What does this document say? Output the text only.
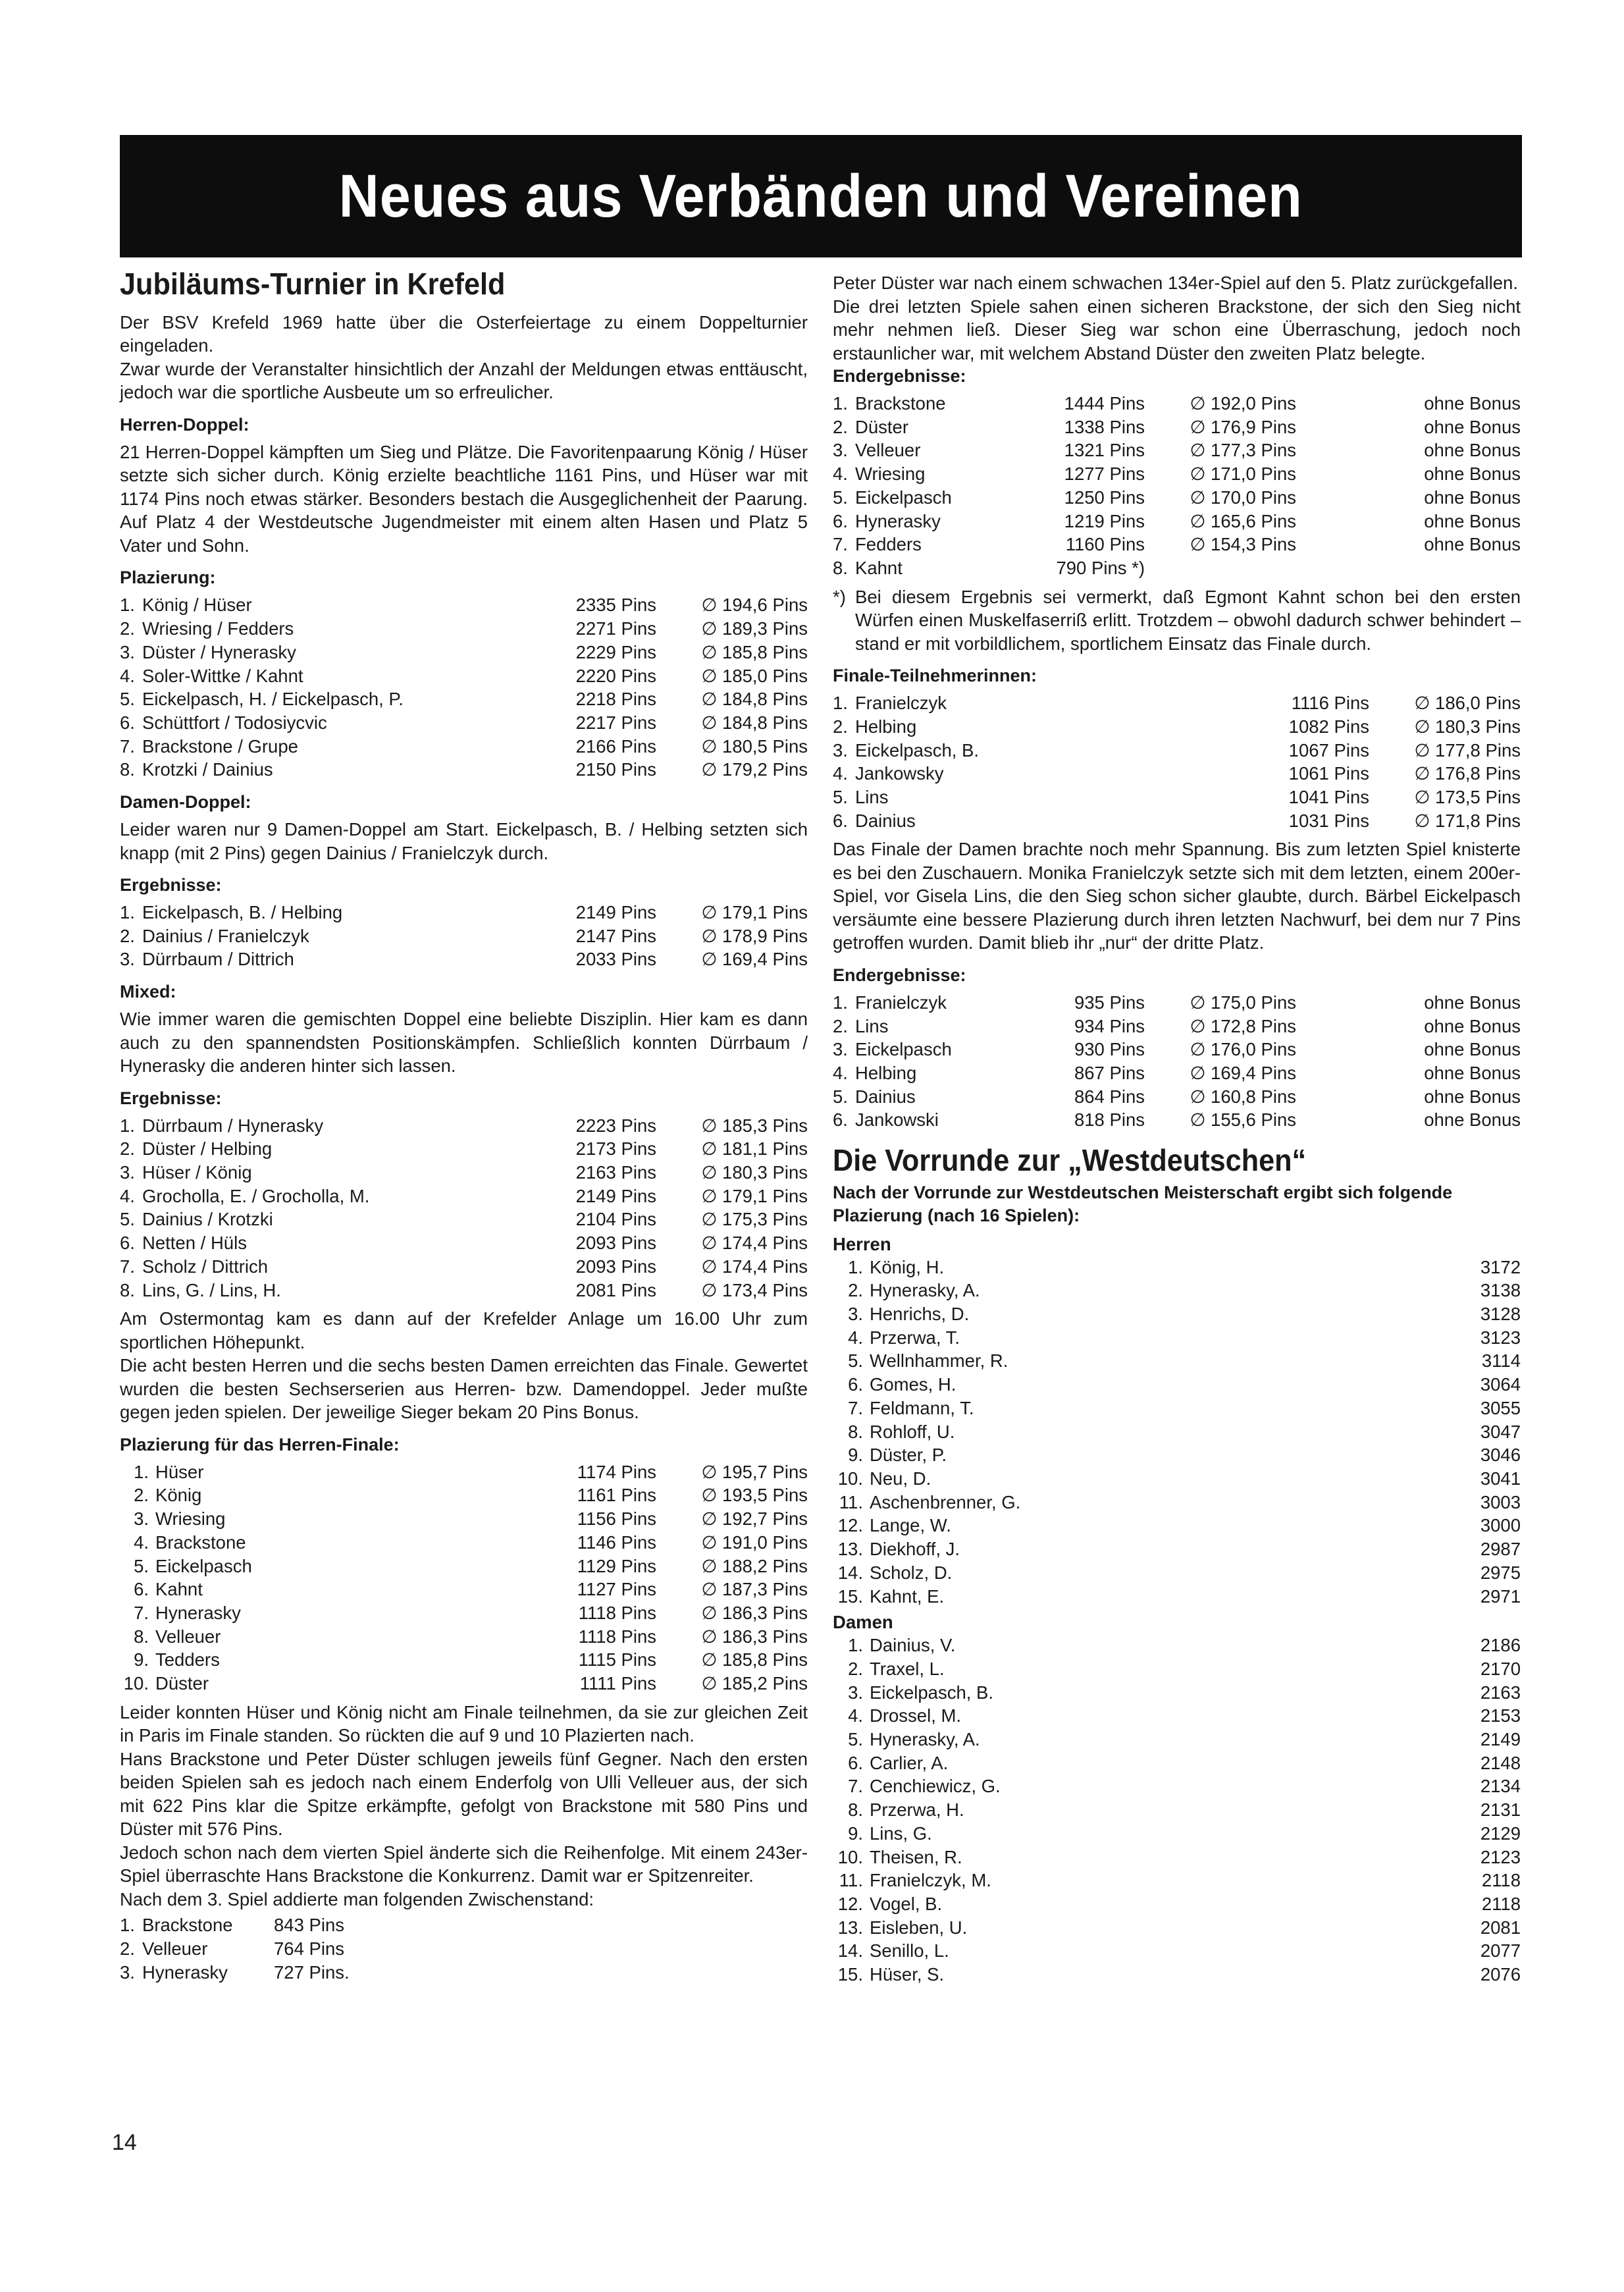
Neues aus Verbänden und Vereinen
Jubiläums-Turnier in Krefeld

Der BSV Krefeld 1969 hatte über die Osterfeiertage zu einem Doppelturnier eingeladen.

Zwar wurde der Veranstalter hinsichtlich der Anzahl der Meldungen etwas enttäuscht, jedoch war die sportliche Ausbeute um so erfreulicher.

Herren-Doppel:

21 Herren-Doppel kämpften um Sieg und Plätze. Die Favoritenpaarung König / Hüser setzte sich sicher durch. König erzielte beachtliche 1161 Pins, und Hüser war mit 1174 Pins noch etwas stärker. Besonders bestach die Ausgeglichenheit der Paarung. Auf Platz 4 der Westdeutsche Jugendmeister mit einem alten Hasen und Platz 5 Vater und Sohn.

Plazierung:
1.	König / Hüser	2335 Pins	∅ 194,6 Pins
2.	Wriesing / Fedders	2271 Pins	∅ 189,3 Pins
3.	Düster / Hynerasky	2229 Pins	∅ 185,8 Pins
4.	Soler-Wittke / Kahnt	2220 Pins	∅ 185,0 Pins
5.	Eickelpasch, H. / Eickelpasch, P.	2218 Pins	∅ 184,8 Pins
6.	Schüttfort / Todosiycvic	2217 Pins	∅ 184,8 Pins
7.	Brackstone / Grupe	2166 Pins	∅ 180,5 Pins
8.	Krotzki / Dainius	2150 Pins	∅ 179,2 Pins
Damen-Doppel:

Leider waren nur 9 Damen-Doppel am Start. Eickelpasch, B. / Helbing setzten sich knapp (mit 2 Pins) gegen Dainius / Franielczyk durch.

Ergebnisse:
1.	Eickelpasch, B. / Helbing	2149 Pins	∅ 179,1 Pins
2.	Dainius / Franielczyk	2147 Pins	∅ 178,9 Pins
3.	Dürrbaum / Dittrich	2033 Pins	∅ 169,4 Pins
Mixed:

Wie immer waren die gemischten Doppel eine beliebte Disziplin. Hier kam es dann auch zu den spannendsten Positionskämpfen. Schließlich konnten Dürrbaum / Hynerasky die anderen hinter sich lassen.

Ergebnisse:
1.	Dürrbaum / Hynerasky	2223 Pins	∅ 185,3 Pins
2.	Düster / Helbing	2173 Pins	∅ 181,1 Pins
3.	Hüser / König	2163 Pins	∅ 180,3 Pins
4.	Grocholla, E. / Grocholla, M.	2149 Pins	∅ 179,1 Pins
5.	Dainius / Krotzki	2104 Pins	∅ 175,3 Pins
6.	Netten / Hüls	2093 Pins	∅ 174,4 Pins
7.	Scholz / Dittrich	2093 Pins	∅ 174,4 Pins
8.	Lins, G. / Lins, H.	2081 Pins	∅ 173,4 Pins

Am Ostermontag kam es dann auf der Krefelder Anlage um 16.00 Uhr zum sportlichen Höhepunkt.

Die acht besten Herren und die sechs besten Damen erreichten das Finale. Gewertet wurden die besten Sechserserien aus Herren- bzw. Damendoppel. Jeder mußte gegen jeden spielen. Der jeweilige Sieger bekam 20 Pins Bonus.

Plazierung für das Herren-Finale:
1.	Hüser	1174 Pins	∅ 195,7 Pins
2.	König	1161 Pins	∅ 193,5 Pins
3.	Wriesing	1156 Pins	∅ 192,7 Pins
4.	Brackstone	1146 Pins	∅ 191,0 Pins
5.	Eickelpasch	1129 Pins	∅ 188,2 Pins
6.	Kahnt	1127 Pins	∅ 187,3 Pins
7.	Hynerasky	1118 Pins	∅ 186,3 Pins
8.	Velleuer	1118 Pins	∅ 186,3 Pins
9.	Tedders	1115 Pins	∅ 185,8 Pins
10.	Düster	1111 Pins	∅ 185,2 Pins

Leider konnten Hüser und König nicht am Finale teilnehmen, da sie zur gleichen Zeit in Paris im Finale standen. So rückten die auf 9 und 10 Plazierten nach.

Hans Brackstone und Peter Düster schlugen jeweils fünf Gegner. Nach den ersten beiden Spielen sah es jedoch nach einem Enderfolg von Ulli Velleuer aus, der sich mit 622 Pins klar die Spitze erkämpfte, gefolgt von Brackstone mit 580 Pins und Düster mit 576 Pins.

Jedoch schon nach dem vierten Spiel änderte sich die Reihenfolge. Mit einem 243er-Spiel überraschte Hans Brackstone die Konkurrenz. Damit war er Spitzenreiter.

Nach dem 3. Spiel addierte man folgenden Zwischenstand:

1.	Brackstone	843 Pins
2.	Velleuer	764 Pins
3.	Hynerasky	727 Pins.

Peter Düster war nach einem schwachen 134er-Spiel auf den 5. Platz zurückgefallen.

Die drei letzten Spiele sahen einen sicheren Brackstone, der sich den Sieg nicht mehr nehmen ließ. Dieser Sieg war schon eine Überraschung, jedoch noch erstaunlicher war, mit welchem Abstand Düster den zweiten Platz belegte.

Endergebnisse:
1.	Brackstone	1444 Pins	∅ 192,0 Pins	ohne Bonus
2.	Düster	1338 Pins	∅ 176,9 Pins	ohne Bonus
3.	Velleuer	1321 Pins	∅ 177,3 Pins	ohne Bonus
4.	Wriesing	1277 Pins	∅ 171,0 Pins	ohne Bonus
5.	Eickelpasch	1250 Pins	∅ 170,0 Pins	ohne Bonus
6.	Hynerasky	1219 Pins	∅ 165,6 Pins	ohne Bonus
7.	Fedders	1160 Pins	∅ 154,3 Pins	ohne Bonus
8.	Kahnt	790 Pins *)		
*) Bei diesem Ergebnis sei vermerkt, daß Egmont Kahnt schon bei den ersten Würfen einen Muskelfaserriß erlitt. Trotzdem – obwohl dadurch schwer behindert – stand er mit vorbildlichem, sportlichem Einsatz das Finale durch.
Finale-Teilnehmerinnen:
1.	Franielczyk	1116 Pins	∅ 186,0 Pins
2.	Helbing	1082 Pins	∅ 180,3 Pins
3.	Eickelpasch, B.	1067 Pins	∅ 177,8 Pins
4.	Jankowsky	1061 Pins	∅ 176,8 Pins
5.	Lins	1041 Pins	∅ 173,5 Pins
6.	Dainius	1031 Pins	∅ 171,8 Pins

Das Finale der Damen brachte noch mehr Spannung. Bis zum letzten Spiel knisterte es bei den Zuschauern. Monika Franielczyk setzte sich mit dem letzten, einem 200er-Spiel, vor Gisela Lins, die den Sieg schon sicher glaubte, durch. Bärbel Eickelpasch versäumte eine bessere Plazierung durch ihren letzten Nachwurf, bei dem nur 7 Pins getroffen wurden. Damit blieb ihr „nur“ der dritte Platz.

Endergebnisse:
1.	Franielczyk	935 Pins	∅ 175,0 Pins	ohne Bonus
2.	Lins	934 Pins	∅ 172,8 Pins	ohne Bonus
3.	Eickelpasch	930 Pins	∅ 176,0 Pins	ohne Bonus
4.	Helbing	867 Pins	∅ 169,4 Pins	ohne Bonus
5.	Dainius	864 Pins	∅ 160,8 Pins	ohne Bonus
6.	Jankowski	818 Pins	∅ 155,6 Pins	ohne Bonus
Die Vorrunde zur „Westdeutschen“
Nach der Vorrunde zur Westdeutschen Meisterschaft ergibt sich folgende Plazierung (nach 16 Spielen):
Herren
1.	König, H.	3172
2.	Hynerasky, A.	3138
3.	Henrichs, D.	3128
4.	Przerwa, T.	3123
5.	Wellnhammer, R.	3114
6.	Gomes, H.	3064
7.	Feldmann, T.	3055
8.	Rohloff, U.	3047
9.	Düster, P.	3046
10.	Neu, D.	3041
11.	Aschenbrenner, G.	3003
12.	Lange, W.	3000
13.	Diekhoff, J.	2987
14.	Scholz, D.	2975
15.	Kahnt, E.	2971
Damen
1.	Dainius, V.	2186
2.	Traxel, L.	2170
3.	Eickelpasch, B.	2163
4.	Drossel, M.	2153
5.	Hynerasky, A.	2149
6.	Carlier, A.	2148
7.	Cenchiewicz, G.	2134
8.	Przerwa, H.	2131
9.	Lins, G.	2129
10.	Theisen, R.	2123
11.	Franielczyk, M.	2118
12.	Vogel, B.	2118
13.	Eisleben, U.	2081
14.	Senillo, L.	2077
15.	Hüser, S.	2076
14
